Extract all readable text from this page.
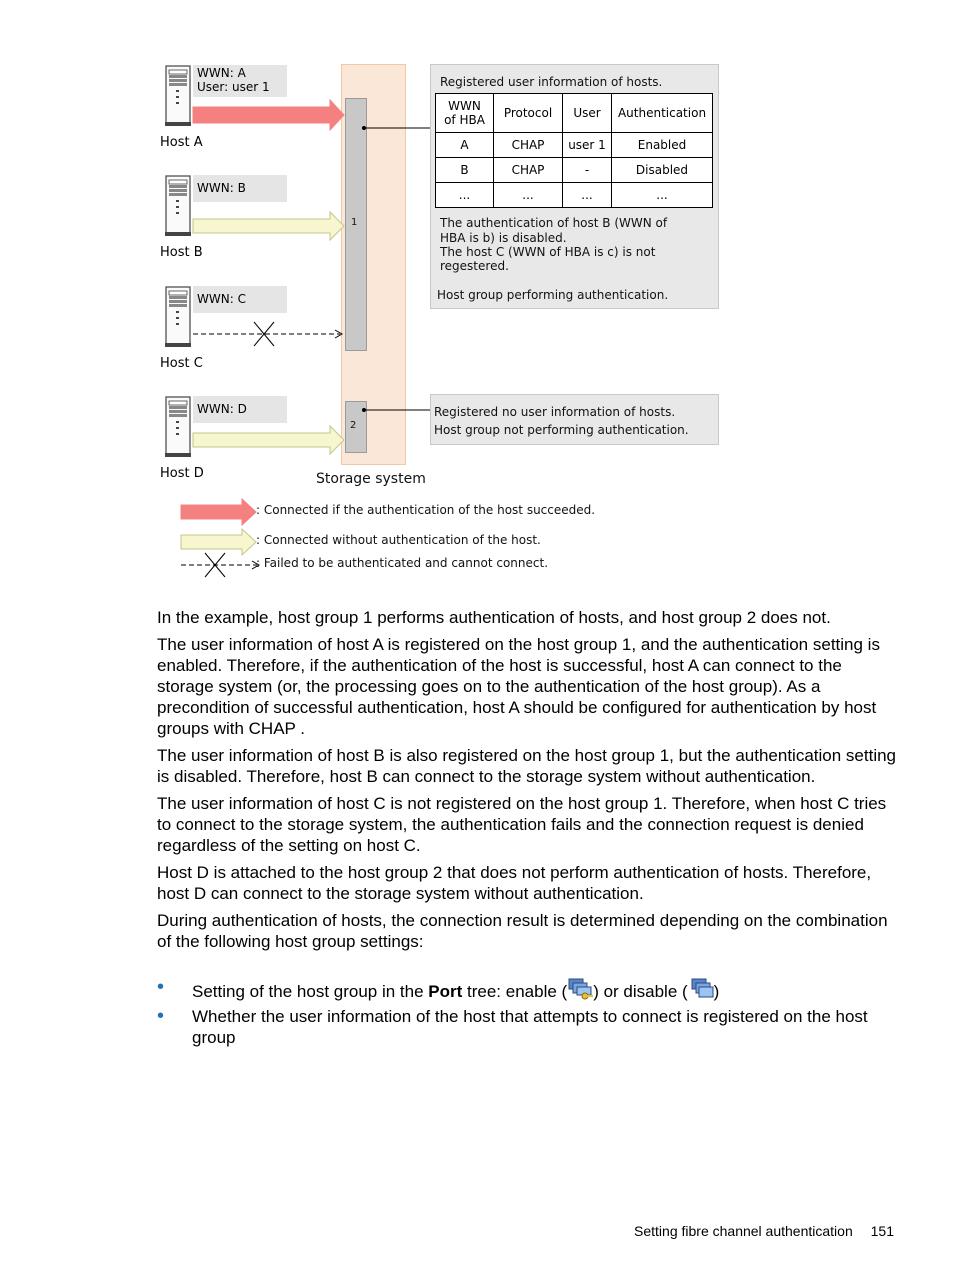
1
2
Storage system
WWN: A
User: user 1
WWN: B
WWN: C
WWN: D
Host A
Host B
Host C
Host D
Registered user information of hosts.
WWN
of HBA	Protocol	User	Authentication
A	CHAP	user 1	Enabled
B	CHAP	-	Disabled
...	...	...	...
The authentication of host B (WWN of
HBA is b) is disabled.
The host C (WWN of HBA is c) is not
regestered.
Host group performing authentication.
Registered no user information of hosts.
Host group not performing authentication.
: Connected if the authentication of the host succeeded.
: Connected without authentication of the host.
: Failed to be authenticated and cannot connect.

In the example, host group 1 performs authentication of hosts, and host group 2 does not.

The user information of host A is registered on the host group 1, and the authentication setting is enabled. Therefore, if the authentication of the host is successful, host A can connect to the storage system (or, the processing goes on to the authentication of the host group). As a precondition of successful authentication, host A should be configured for authentication by host groups with CHAP .

The user information of host B is also registered on the host group 1, but the authentication setting is disabled. Therefore, host B can connect to the storage system without authentication.

The user information of host C is not registered on the host group 1. Therefore, when host C tries to connect to the storage system, the authentication fails and the connection request is denied regardless of the setting on host C.

Host D is attached to the host group 2 that does not perform authentication of hosts. Therefore, host D can connect to the storage system without authentication.

During authentication of hosts, the connection result is determined depending on the combination of the following host group settings:

• Setting of the host group in the Port tree: enable ( ) or disable ( )
• Whether the user information of the host that attempts to connect is registered on the host group
Setting fibre channel authentication 151
